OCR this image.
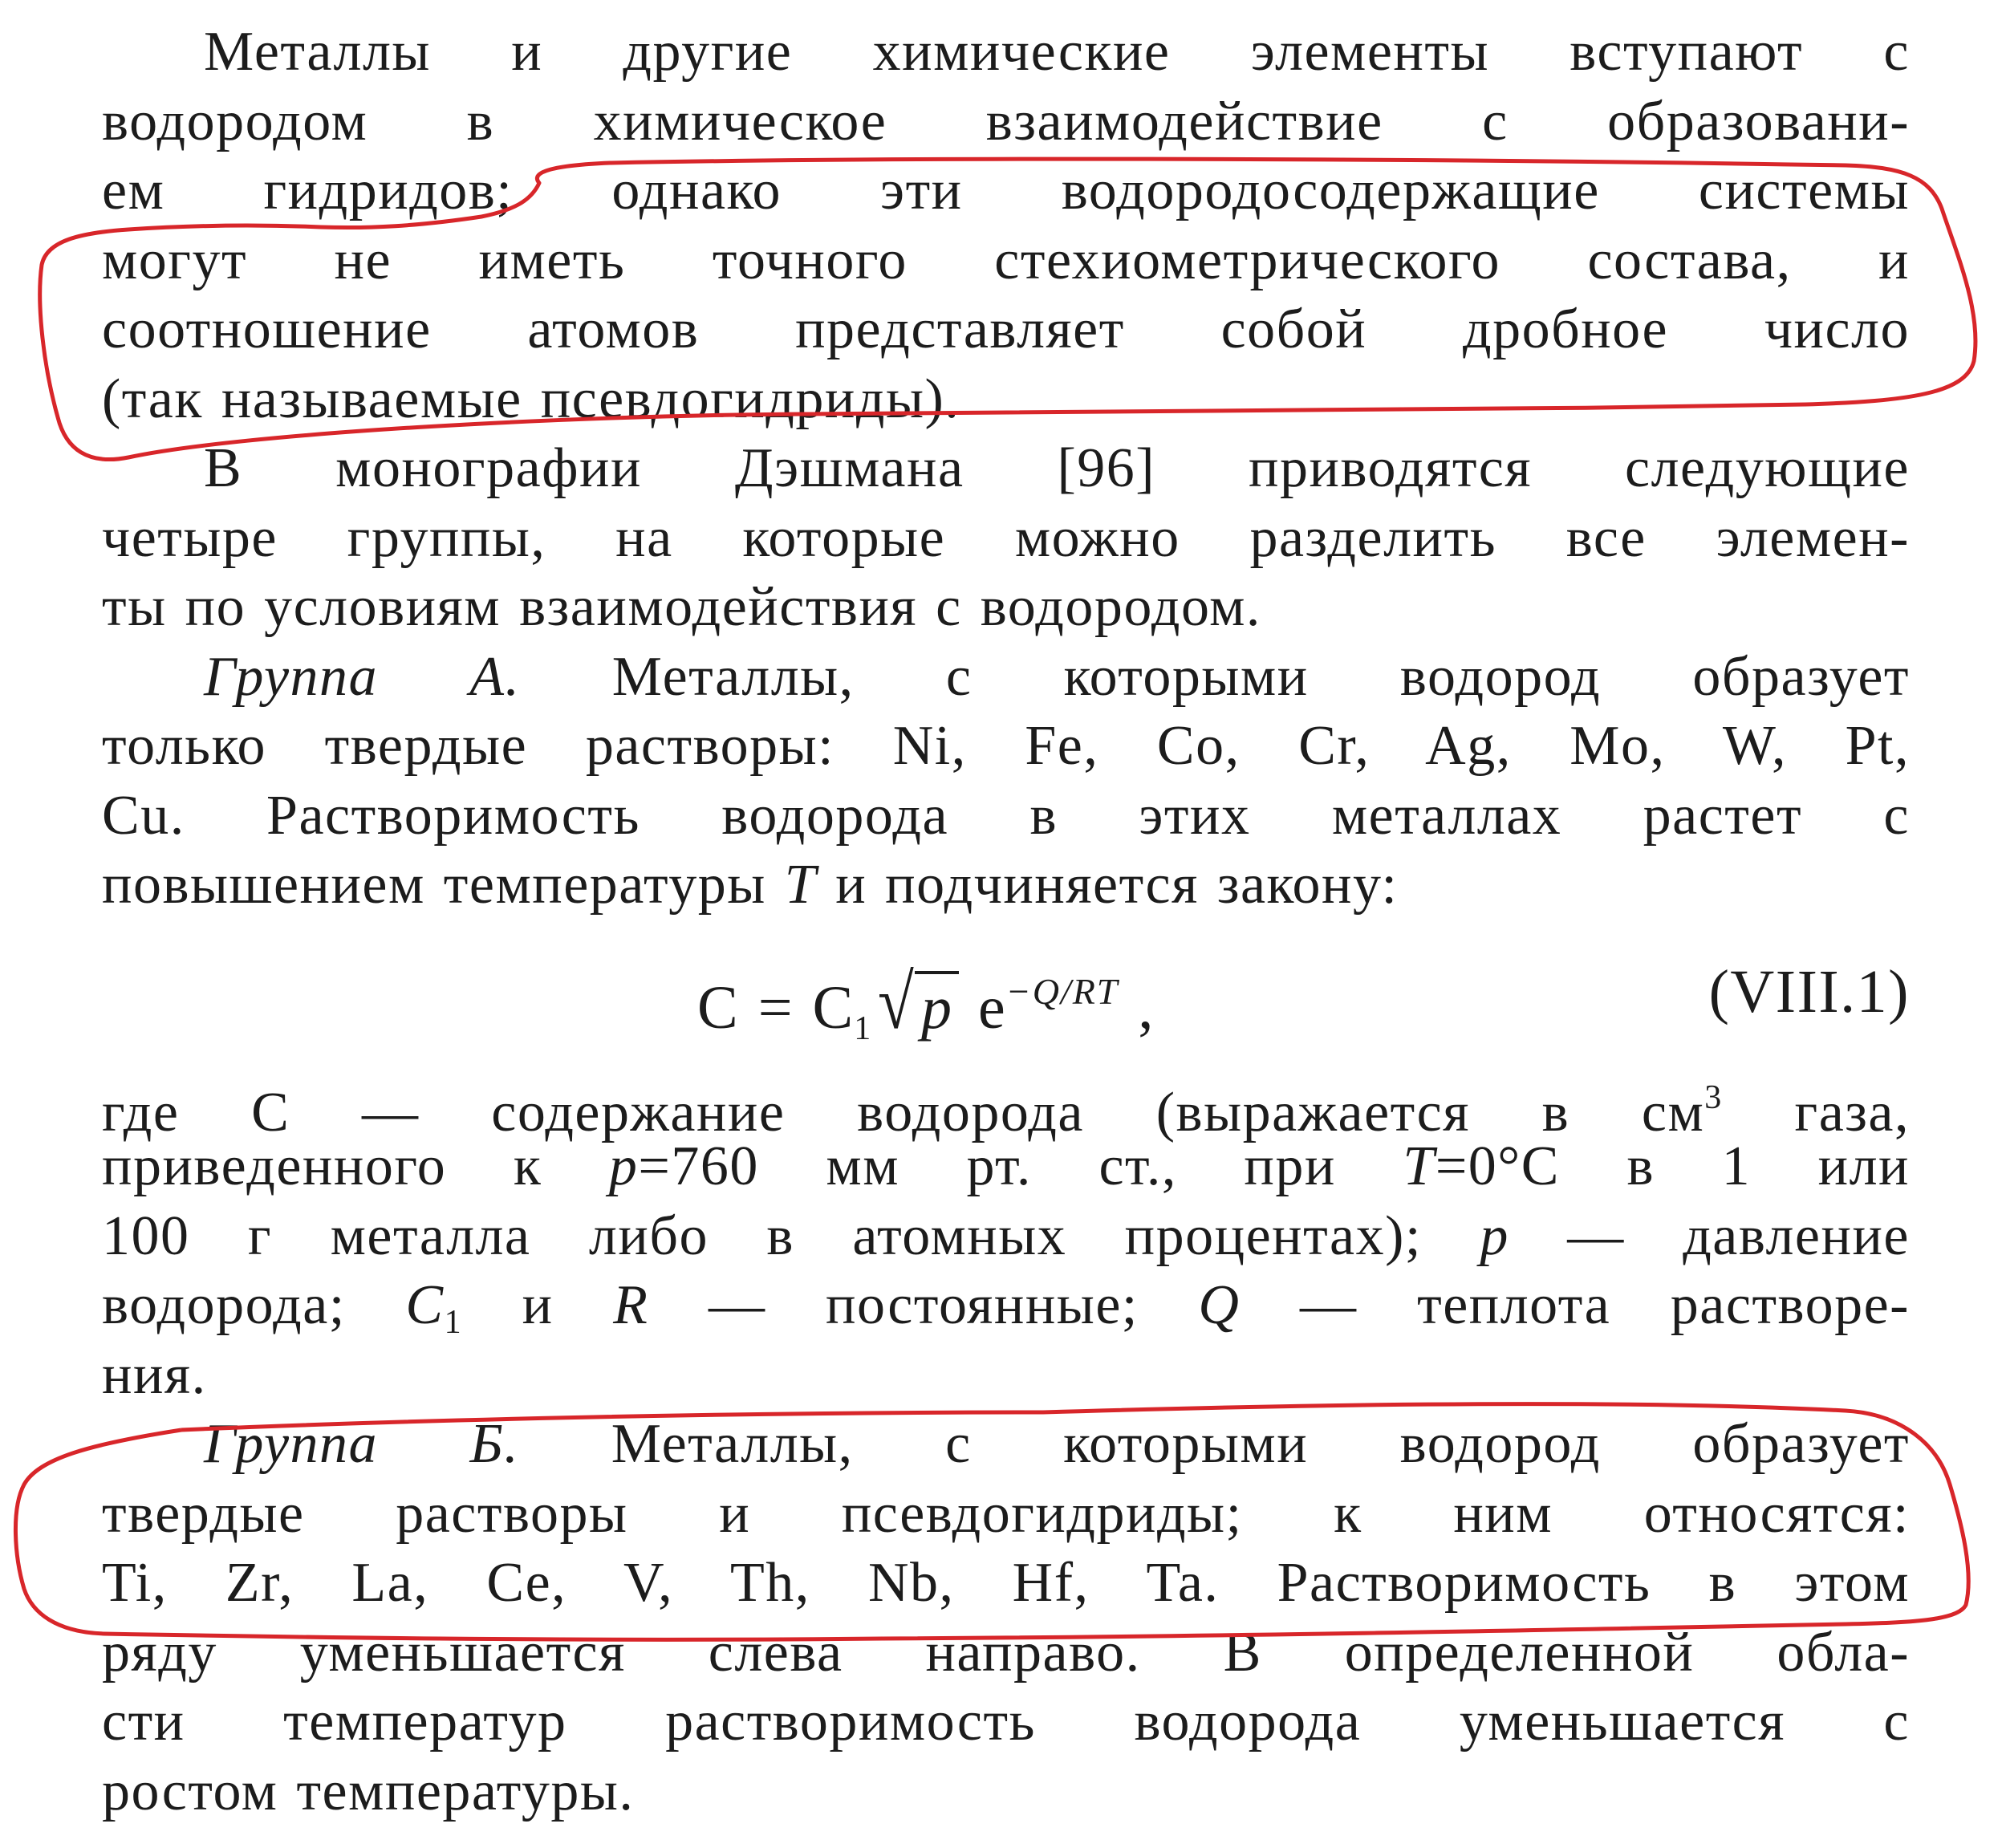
Металлы и другие химические элементы вступают с
водородом в химическое взаимодействие с образовани-
ем гидридов; однако эти водородосодержащие системы
могут не иметь точного стехиометрического состава, и
соотношение атомов представляет собой дробное число
(так называемые псевдогидриды).
В монографии Дэшмана [96] приводятся следующие
четыре группы, на которые можно разделить все элемен-
ты по условиям взаимодействия с водородом.
Группа А. Металлы, с которыми водород образует
только твердые растворы: Ni, Fe, Co, Cr, Ag, Mo, W, Pt,
Cu. Растворимость водорода в этих металлах растет с
повышением температуры T и подчиняется закону:
$C = C_1√$ p $e^{-Q/RT}$ ,	(VIII.1)
где C — содержание водорода (выражается в $см^3$ газа,
приведенного к p=760 мм рт. ст., при T=0°C в 1 или
100 г металла либо в атомных процентах); p — давление
водорода; C1 и R — постоянные; Q — теплота растворе-
ния.
Группа Б. Металлы, с которыми водород образует
твердые растворы и псевдогидриды; к ним относятся:
Ti, Zr, La, Ce, V, Th, Nb, Hf, Ta. Растворимость в этом
ряду уменьшается слева направо. В определенной обла-
сти температур растворимость водорода уменьшается с
ростом температуры.
